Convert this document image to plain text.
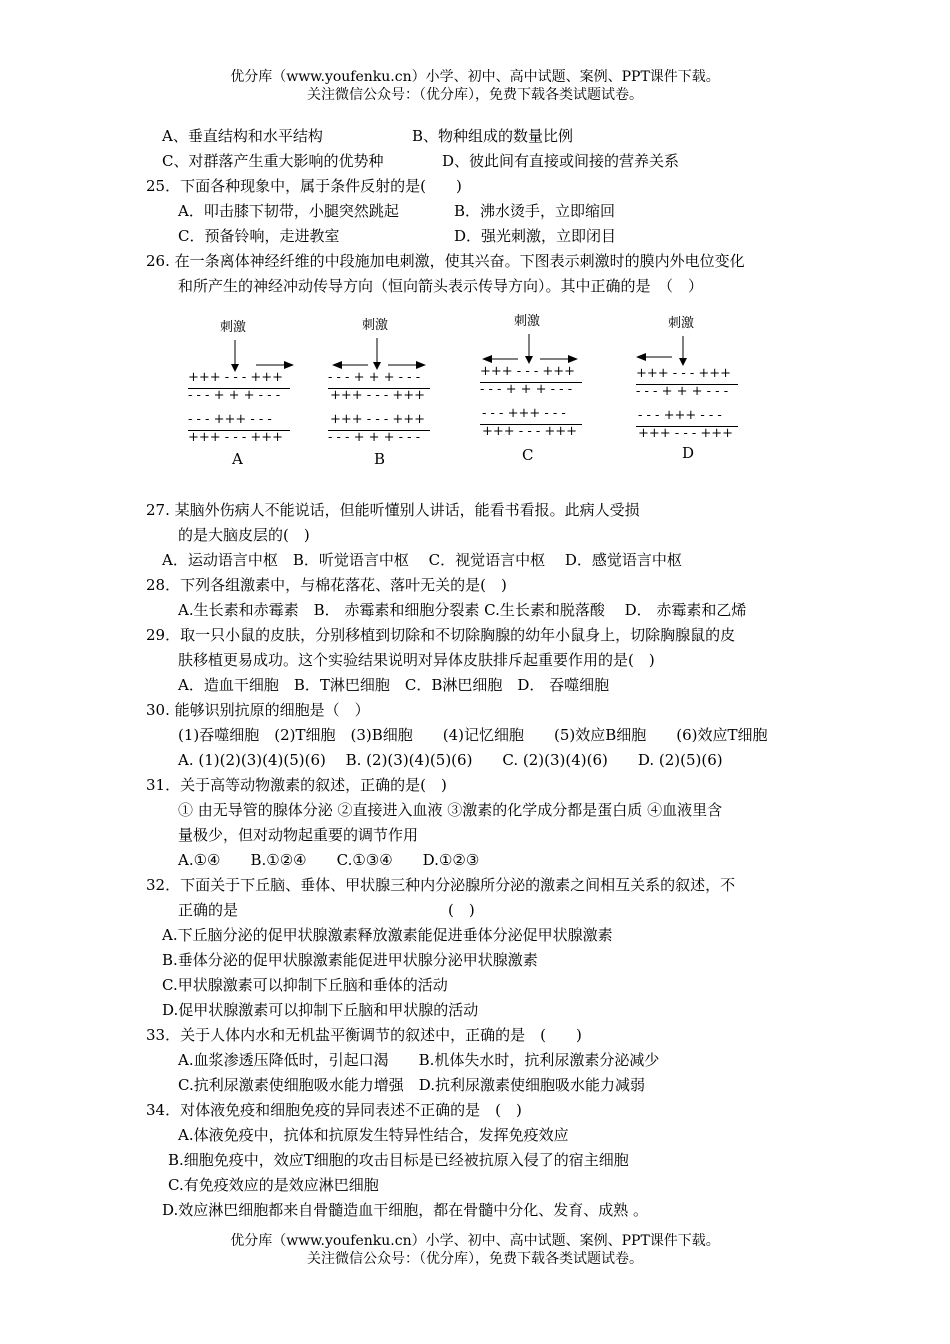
优分库（www.youfenku.cn）小学、初中、高中试题、案例、PPT课件下载。
关注微信公众号：（优分库），免费下载各类试题试卷。
A、垂直结构和水平结构	B、物种组成的数量比例
C、对群落产生重大影响的优势种	D、彼此间有直接或间接的营养关系
25．下面各种现象中，属于条件反射的是(　　)
A．叩击膝下韧带，小腿突然跳起	B．沸水烫手，立即缩回
C．预备铃响，走进教室	D．强光刺激，立即闭目
26. 在一条离体神经纤维的中段施加电刺激，使其兴奋。下图表示刺激时的膜内外电位变化
和所产生的神经冲动传导方向（恒向箭头表示传导方向）。其中正确的是　（　）
刺激
+++ - - - +++
- - - + + + - - -
- - - +++ - - -
+++ - - - +++
A
刺激
- - - + + + - - -
+++ - - - +++
+++ - - - +++
- - - + + + - - -
B
刺激
+++ - - - +++
- - - + + + - - -
- - - +++ - - -
+++ - - - +++
C
刺激
+++ - - - +++
- - - + + + - - -
- - - +++ - - -
+++ - - - +++
D
27. 某脑外伤病人不能说话，但能听懂别人讲话，能看书看报。此病人受损
的是大脑皮层的(　)
A．运动语言中枢　B．听觉语言中枢　 C．视觉语言中枢　 D．感觉语言中枢
28．下列各组激素中，与棉花落花、落叶无关的是(　)
A.生长素和赤霉素　B． 赤霉素和细胞分裂素 C.生长素和脱落酸　 D． 赤霉素和乙烯
29．取一只小鼠的皮肤，分别移植到切除和不切除胸腺的幼年小鼠身上，切除胸腺鼠的皮
肤移植更易成功。这个实验结果说明对异体皮肤排斥起重要作用的是(　)
A．造血干细胞　B．T淋巴细胞　C．B淋巴细胞　D． 吞噬细胞
30. 能够识别抗原的细胞是（　）
(1)吞噬细胞　(2)T细胞　(3)B细胞　　(4)记忆细胞　　(5)效应B细胞　　(6)效应T细胞
A. (1)(2)(3)(4)(5)(6)　 B. (2)(3)(4)(5)(6)　　C. (2)(3)(4)(6)　　D. (2)(5)(6)
31．关于高等动物激素的叙述，正确的是(　)
① 由无导管的腺体分泌 ②直接进入血液 ③激素的化学成分都是蛋白质 ④血液里含
量极少，但对动物起重要的调节作用
A.①④　　B.①②④　　C.①③④　　D.①②③
32．下面关于下丘脑、垂体、甲状腺三种内分泌腺所分泌的激素之间相互关系的叙述，不
正确的是　　　　　　　　　　　　　　(　)
A.下丘脑分泌的促甲状腺激素释放激素能促进垂体分泌促甲状腺激素
B.垂体分泌的促甲状腺激素能促进甲状腺分泌甲状腺激素
C.甲状腺激素可以抑制下丘脑和垂体的活动
D.促甲状腺激素可以抑制下丘脑和甲状腺的活动
33．关于人体内水和无机盐平衡调节的叙述中，正确的是　(　　)
A.血浆渗透压降低时，引起口渴　　B.机体失水时，抗利尿激素分泌减少
C.抗利尿激素使细胞吸水能力增强　D.抗利尿激素使细胞吸水能力减弱
34．对体液免疫和细胞免疫的异同表述不正确的是　(　)
A.体液免疫中，抗体和抗原发生特异性结合，发挥免疫效应
B.细胞免疫中，效应T细胞的攻击目标是已经被抗原入侵了的宿主细胞
C.有免疫效应的是效应淋巴细胞
D.效应淋巴细胞都来自骨髓造血干细胞，都在骨髓中分化、发育、成熟 。
优分库（www.youfenku.cn）小学、初中、高中试题、案例、PPT课件下载。
关注微信公众号：（优分库），免费下载各类试题试卷。
